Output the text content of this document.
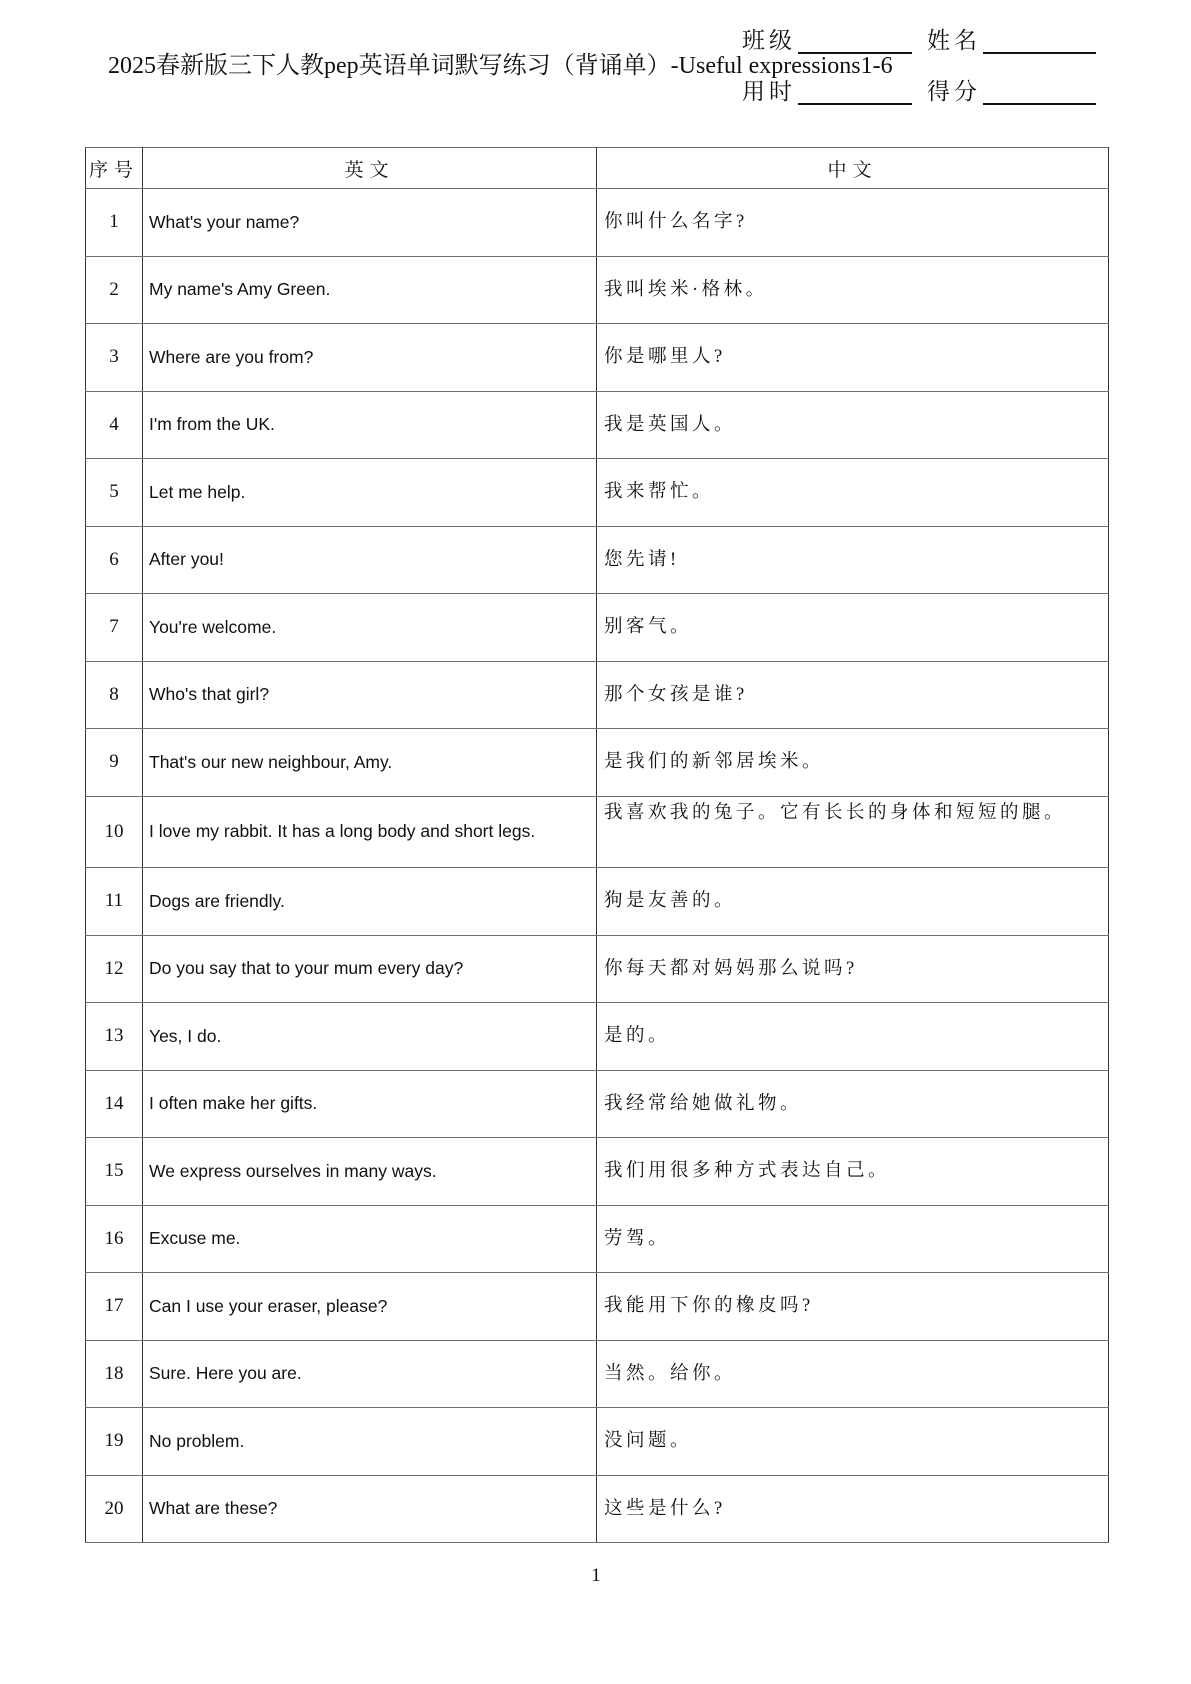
2025春新版三下人教pep英语单词默写练习（背诵单）-Useful expressions1-6
班级	姓名
用时	得分
序号	英文	中文
1	What's your name?	你叫什么名字?
2	My name's Amy Green.	我叫埃米·格林。
3	Where are you from?	你是哪里人?
4	I'm from the UK.	我是英国人。
5	Let me help.	我来帮忙。
6	After you!	您先请!
7	You're welcome.	别客气。
8	Who's that girl?	那个女孩是谁?
9	That's our new neighbour, Amy.	是我们的新邻居埃米。
10	I love my rabbit. It has a long body and short legs.	我喜欢我的兔子。它有长长的身体和短短的腿。
11	Dogs are friendly.	狗是友善的。
12	Do you say that to your mum every day?	你每天都对妈妈那么说吗?
13	Yes, I do.	是的。
14	I often make her gifts.	我经常给她做礼物。
15	We express ourselves in many ways.	我们用很多种方式表达自己。
16	Excuse me.	劳驾。
17	Can I use your eraser, please?	我能用下你的橡皮吗?
18	Sure. Here you are.	当然。给你。
19	No problem.	没问题。
20	What are these?	这些是什么?
1
